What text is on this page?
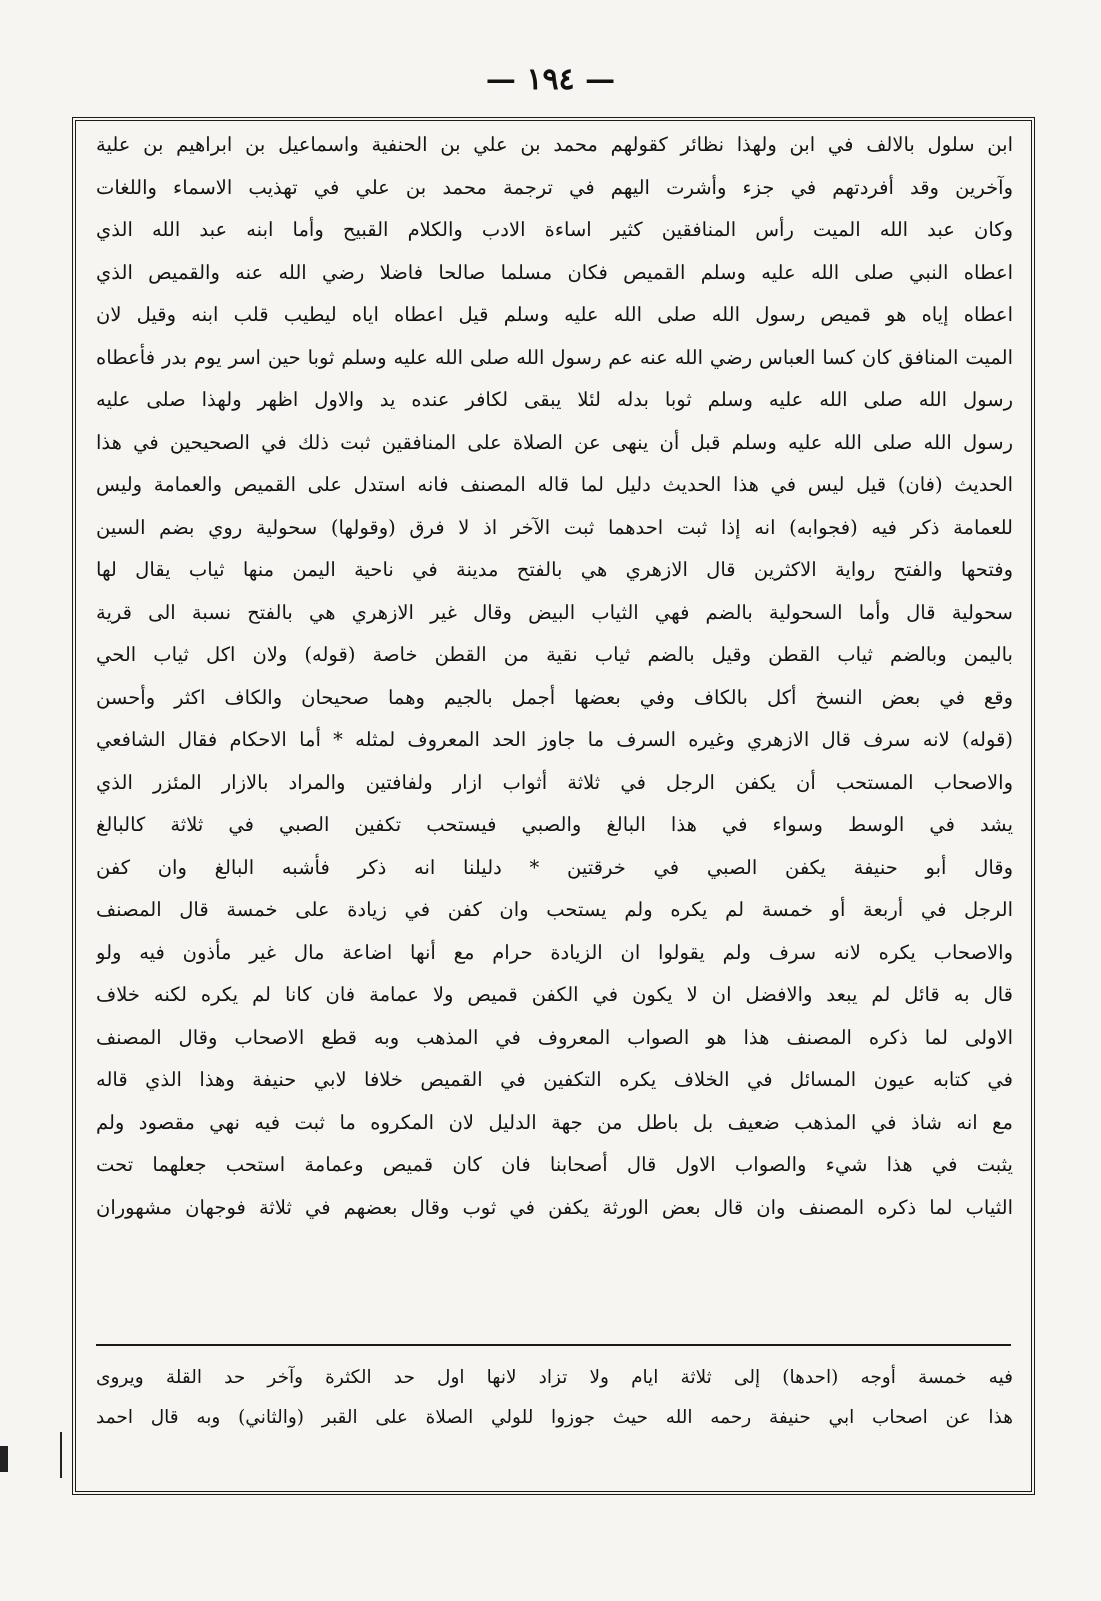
— ١٩٤ —
ابن سلول بالالف في ابن ولهذا نظائر كقولهم محمد بن علي بن الحنفية واسماعيل بن ابراهيم بن علية
وآخرين وقد أفردتهم في جزء وأشرت اليهم في ترجمة محمد بن علي في تهذيب الاسماء واللغات
وكان عبد الله الميت رأس المنافقين كثير اساءة الادب والكلام القبيح وأما ابنه عبد الله الذي
اعطاه النبي صلى الله عليه وسلم القميص فكان مسلما صالحا فاضلا رضي الله عنه والقميص الذي
اعطاه إياه هو قميص رسول الله صلى الله عليه وسلم قيل اعطاه اياه ليطيب قلب ابنه وقيل لان
الميت المنافق كان كسا العباس رضي الله عنه عم رسول الله صلى الله عليه وسلم ثوبا حين اسر يوم بدر فأعطاه
رسول الله صلى الله عليه وسلم ثوبا بدله لئلا يبقى لكافر عنده يد والاول اظهر ولهذا صلى عليه
رسول الله صلى الله عليه وسلم قبل أن ينهى عن الصلاة على المنافقين ثبت ذلك في الصحيحين في هذا
الحديث (فان) قيل ليس في هذا الحديث دليل لما قاله المصنف فانه استدل على القميص والعمامة وليس
للعمامة ذكر فيه (فجوابه) انه إذا ثبت احدهما ثبت الآخر اذ لا فرق (وقولها) سحولية روي بضم السين
وفتحها والفتح رواية الاكثرين قال الازهري هي بالفتح مدينة في ناحية اليمن منها ثياب يقال لها
سحولية قال وأما السحولية بالضم فهي الثياب البيض وقال غير الازهري هي بالفتح نسبة الى قرية
باليمن وبالضم ثياب القطن وقيل بالضم ثياب نقية من القطن خاصة (قوله) ولان اكل ثياب الحي
وقع في بعض النسخ أكل بالكاف وفي بعضها أجمل بالجيم وهما صحيحان والكاف اكثر وأحسن
(قوله) لانه سرف قال الازهري وغيره السرف ما جاوز الحد المعروف لمثله * أما الاحكام فقال الشافعي
والاصحاب المستحب أن يكفن الرجل في ثلاثة أثواب ازار ولفافتين والمراد بالازار المئزر الذي
يشد في الوسط وسواء في هذا البالغ والصبي فيستحب تكفين الصبي في ثلاثة كالبالغ
وقال أبو حنيفة يكفن الصبي في خرقتين * دليلنا انه ذكر فأشبه البالغ وان كفن
الرجل في أربعة أو خمسة لم يكره ولم يستحب وان كفن في زيادة على خمسة قال المصنف
والاصحاب يكره لانه سرف ولم يقولوا ان الزيادة حرام مع أنها اضاعة مال غير مأذون فيه ولو
قال به قائل لم يبعد والافضل ان لا يكون في الكفن قميص ولا عمامة فان كانا لم يكره لكنه خلاف
الاولى لما ذكره المصنف هذا هو الصواب المعروف في المذهب وبه قطع الاصحاب وقال المصنف
في كتابه عيون المسائل في الخلاف يكره التكفين في القميص خلافا لابي حنيفة وهذا الذي قاله
مع انه شاذ في المذهب ضعيف بل باطل من جهة الدليل لان المكروه ما ثبت فيه نهي مقصود ولم
يثبت في هذا شيء والصواب الاول قال أصحابنا فان كان قميص وعمامة استحب جعلهما تحت
الثياب لما ذكره المصنف وان قال بعض الورثة يكفن في ثوب وقال بعضهم في ثلاثة فوجهان مشهوران
فيه خمسة أوجه (احدها) إلى ثلاثة ايام ولا تزاد لانها اول حد الكثرة وآخر حد القلة ويروى
هذا عن اصحاب ابي حنيفة رحمه الله حيث جوزوا للولي الصلاة على القبر (والثاني) وبه قال احمد
